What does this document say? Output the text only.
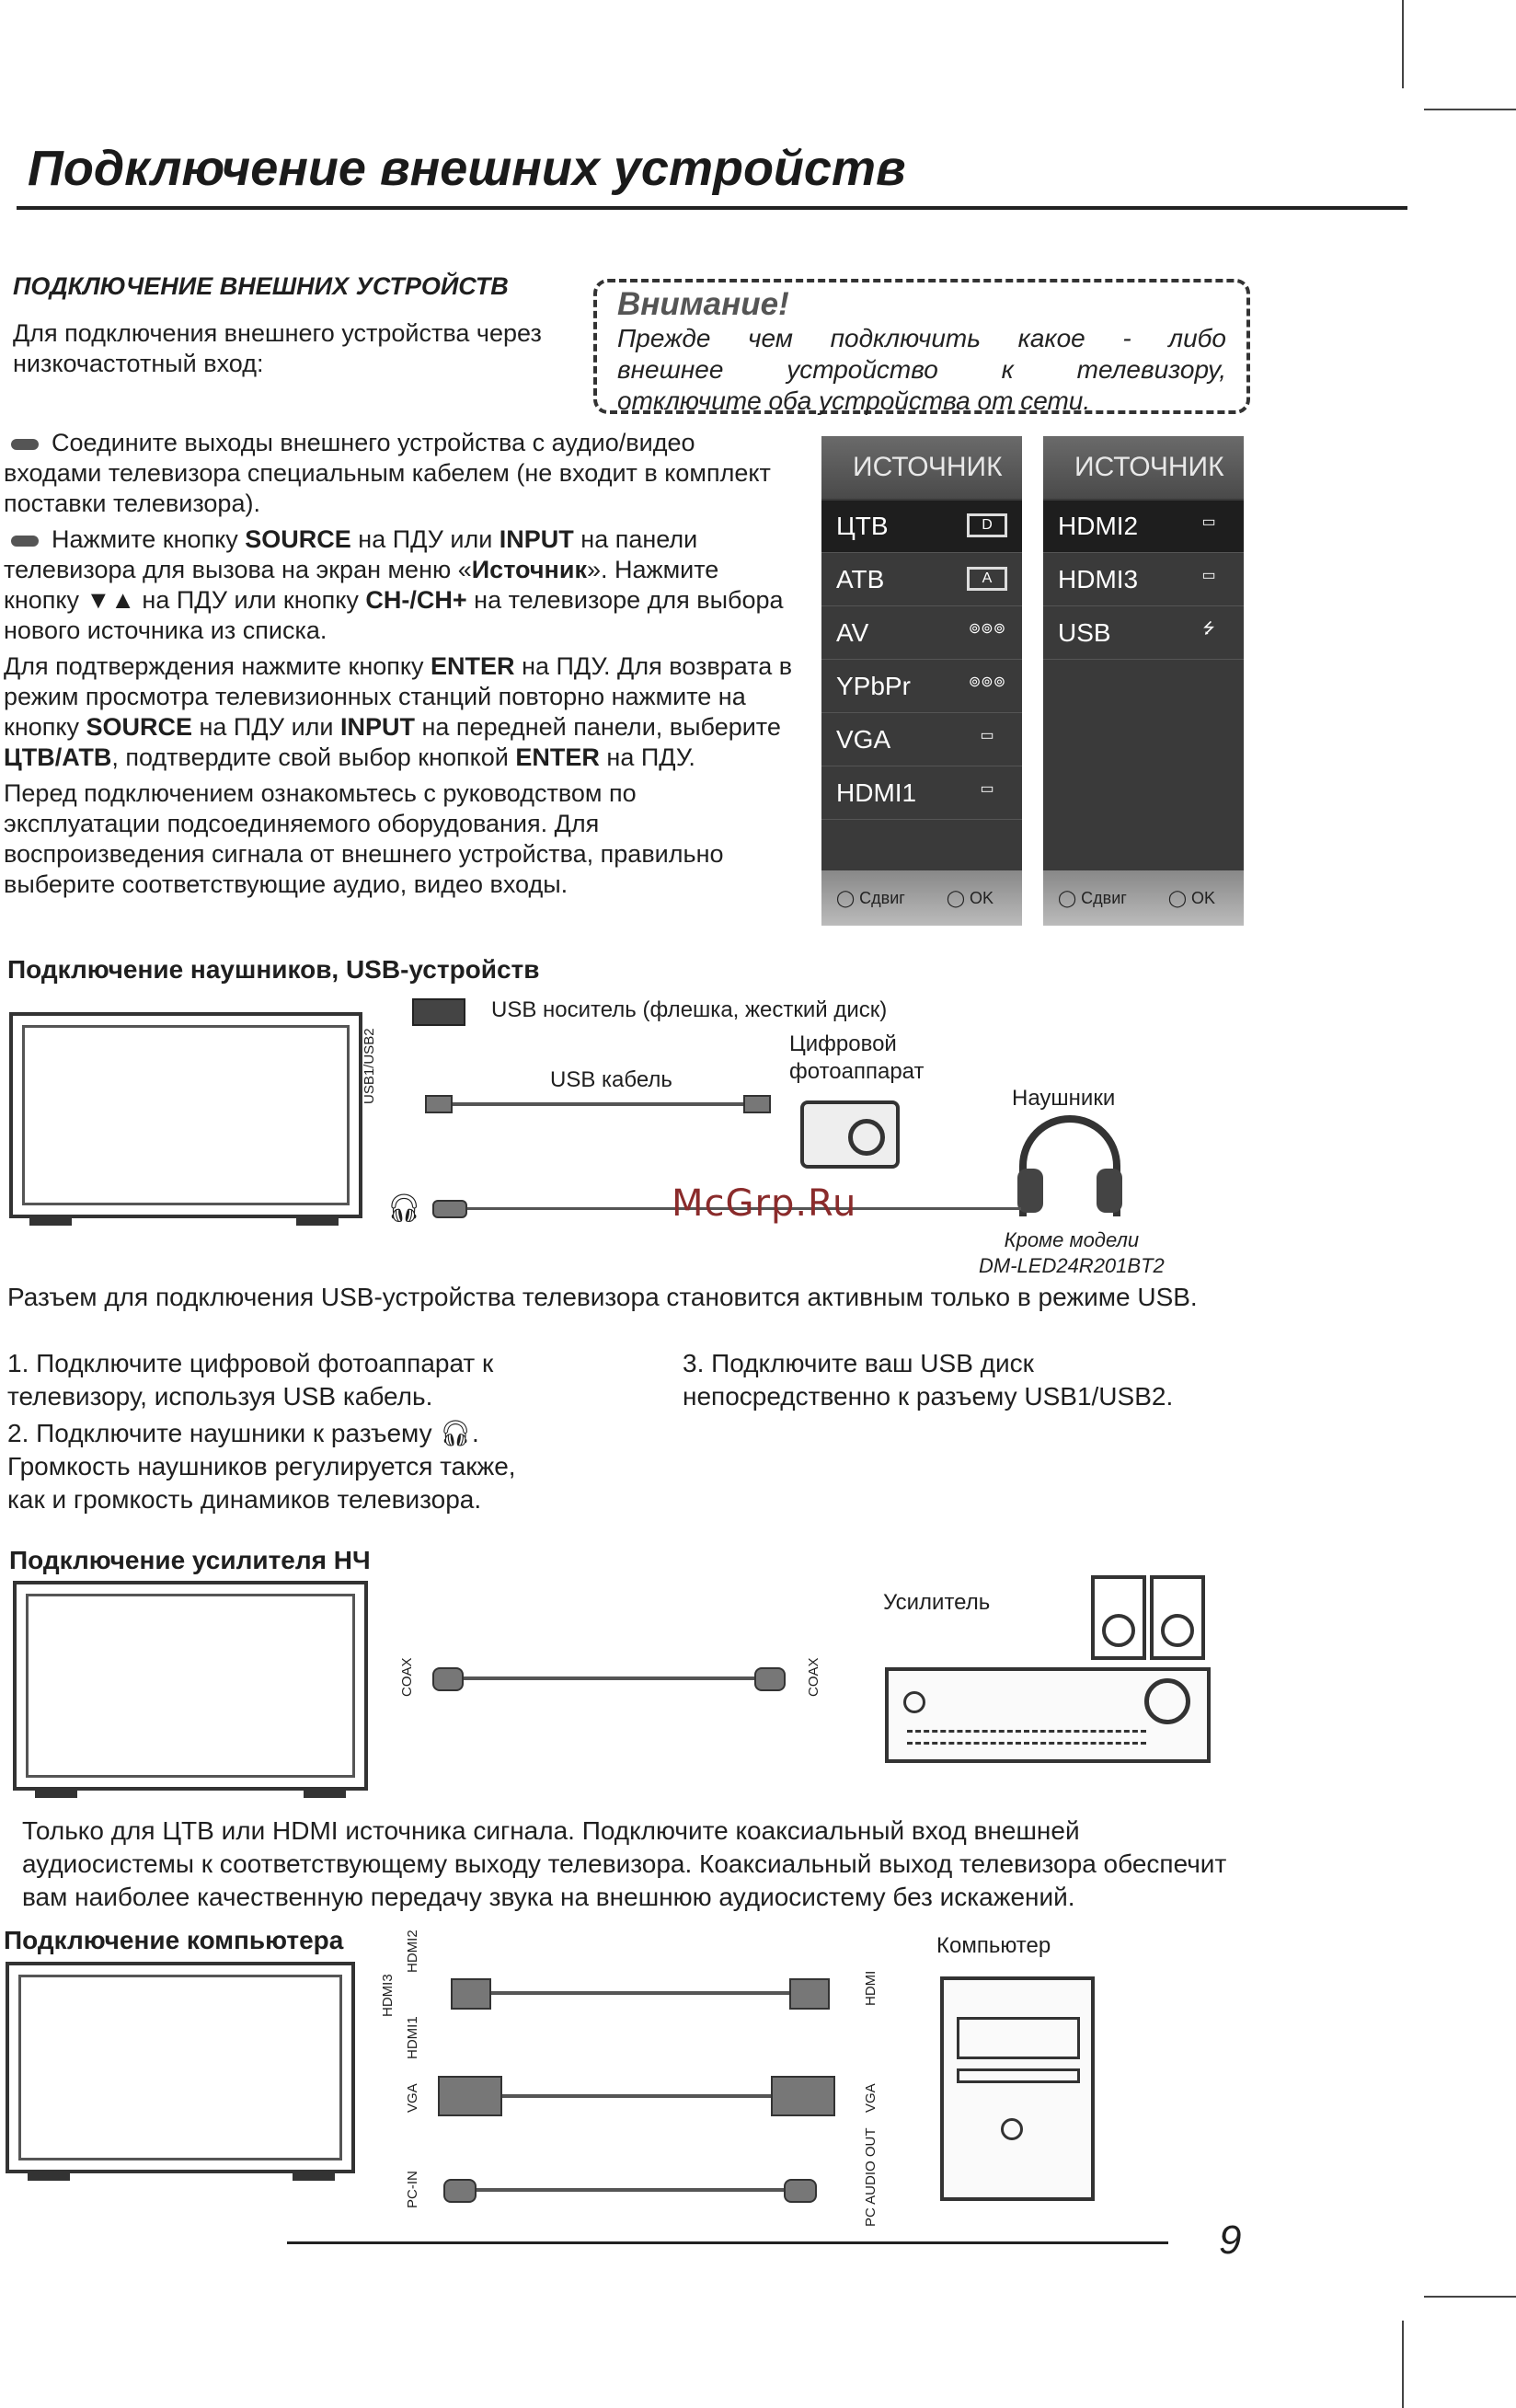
Подключение внешних устройств
ПОДКЛЮЧЕНИЕ ВНЕШНИХ УСТРОЙСТВ
Для подключения внешнего устройства через низкочастотный вход:
Внимание!
Прежде чем подключить какое - либо
внешнее устройство к телевизору,
отключите оба устройства от сети.

Соедините выходы внешнего устройства с аудио/видео входами телевизора специальным кабелем (не входит в комплект поставки телевизора).

Нажмите кнопку SOURCE на ПДУ или INPUT на панели телевизора для вызова на экран меню «Источник». Нажмите кнопку ▼▲ на ПДУ или кнопку CH-/CH+ на телевизоре для выбора нового источника из списка.

Для подтверждения нажмите кнопку ENTER на ПДУ. Для возврата в режим просмотра телевизионных станций повторно нажмите на кнопку SOURCE на ПДУ или INPUT на передней панели, выберите ЦТВ/АТВ, подтвердите свой выбор кнопкой ENTER на ПДУ.

Перед подключением ознакомьтесь с руководством по эксплуатации подсоединяемого оборудования. Для воспроизведения сигнала от внешнего устройства, правильно выберите соответствующие аудио, видео входы.

ИСТОЧНИК
ЦТВ	D
АТВ	A
AV	⊚⊚⊚
YPbPr	⊚⊚⊚
VGA	▭
HDMI1	▭
◯ Сдвиг	◯ OK
ИСТОЧНИК
HDMI2	▭
HDMI3	▭
USB	⭍
◯ Сдвиг	◯ OK
Подключение наушников, USB-устройств
USB1/USB2
USB носитель (флешка, жесткий диск)
USB кабель
Цифровой
фотоаппарат
Наушники
🎧︎	McGrp.Ru
Кроме модели
DM-LED24R201BT2
Разъем для подключения USB-устройства телевизора становится активным только в режиме USB.
1. Подключите цифровой фотоаппарат к телевизору, используя USB кабель.
2. Подключите наушники к разъему 🎧︎. Громкость наушников регулируется также, как и громкость динамиков телевизора.
3. Подключите ваш USB диск непосредственно к разъему USB1/USB2.
Подключение усилителя НЧ
COAX	COAX
Усилитель
Только для ЦТВ или HDMI источника сигнала. Подключите коаксиальный вход внешней аудиосистемы к соответствующему выходу телевизора. Коаксиальный выход телевизора обеспечит вам наиболее качественную передачу звука на внешнюю аудиосистему без искажений.
Подключение компьютера
HDMI3
HDMI2
HDMI1
HDMI
VGA	VGA
PC-IN	PC AUDIO OUT
Компьютер
9
